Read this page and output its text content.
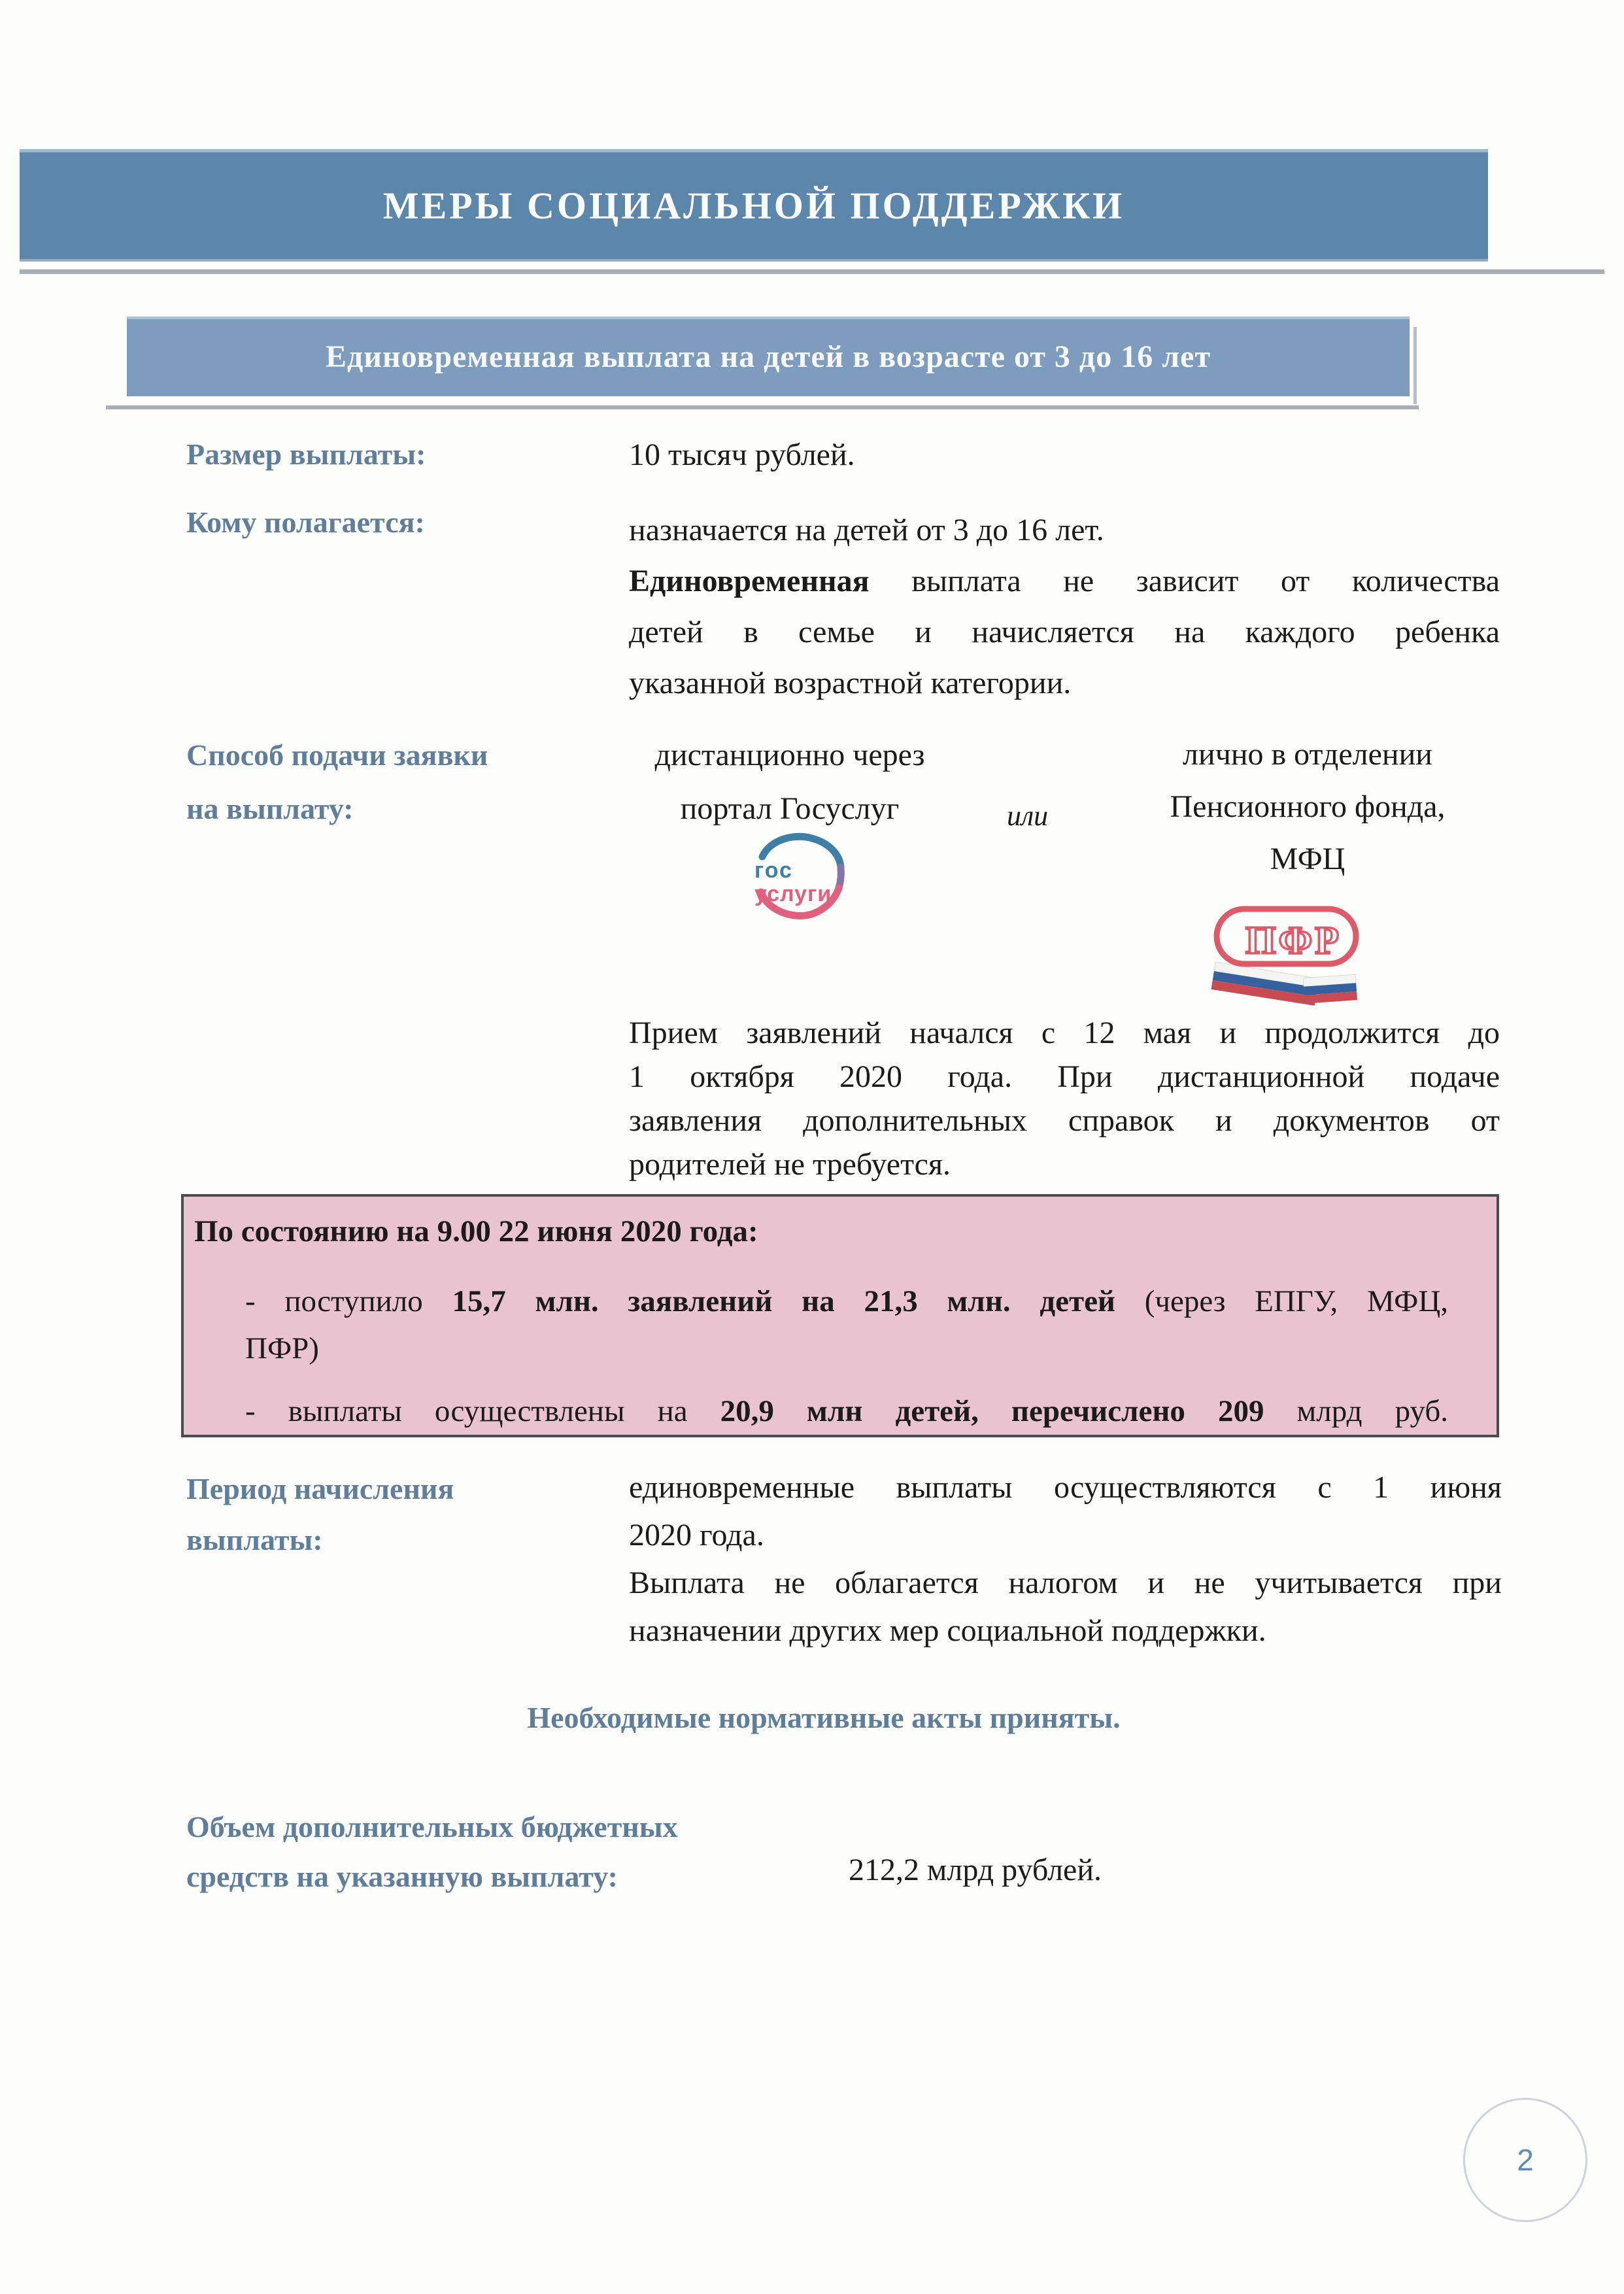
МЕРЫ СОЦИАЛЬНОЙ ПОДДЕРЖКИ
Единовременная выплата на детей в возрасте от 3 до 16 лет
Размер выплаты:	10 тысяч рублей.
Кому полагается:	назначается на детей от 3 до 16 лет.
Единовременная выплата не зависит от количества
детей в семье и начисляется на каждого ребенка
указанной возрастной категории.
Способ подачи заявки
на выплату:
дистанционно через
портал Госуслуг	или
лично в отделении
Пенсионного фонда,
МФЦ
гос
услуги
ПФР
Прием заявлений начался с 12 мая и продолжится до
1 октября 2020 года. При дистанционной подаче
заявления дополнительных справок и документов от
родителей не требуется.
По состоянию на 9.00 22 июня 2020 года:
- поступило 15,7 млн. заявлений на 21,3 млн. детей (через ЕПГУ, МФЦ,
ПФР)
- выплаты осуществлены на 20,9 млн детей, перечислено 209 млрд руб.
Период начисления
выплаты:
единовременные выплаты осуществляются с 1 июня
2020 года.
Выплата не облагается налогом и не учитывается при
назначении других мер социальной поддержки.
Необходимые нормативные акты приняты.
Объем дополнительных бюджетных
средств на указанную выплату:	212,2 млрд рублей.
2
